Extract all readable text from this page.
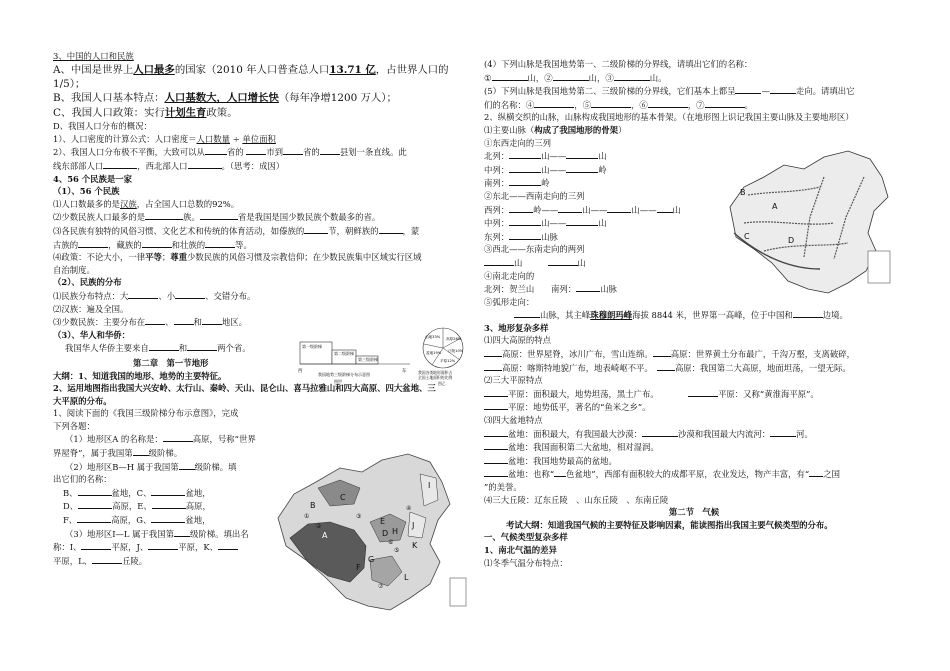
3、中国的人口和民族
A、中国是世界上人口最多的国家（2010 年人口普查总人口13.71 亿，占世界人口的
1/5）；
B、我国人口基本特点：人口基数大，人口增长快（每年净增1200 万人）；
C、我国人口政策：实行计划生育政策。
D、我国人口分布的概况：
1）、人口密度的计算公式：人口密度＝人口数量 ÷ 单位面积
2）、我国人口分布极不平衡，大致可以从	省的	市到 省的 县划一条直线。此
线东部部人口	，西北部人口	。（思考：成因）
4、56 个民族是一家
（1）、56 个民族
⑴人口数最多的是汉族，占全国人口总数的92%。
⑵少数民族人口最多的是	族。	省是我国是国少数民族个数最多的省。
⑶各民族有独特的风俗习惯、文化艺术和传统的体育活动，如傣族的	节，朝鲜族的	，蒙
古族的	，藏族的	和壮族的	等。
⑷政策：不论大小，一律平等；尊重少数民族的风俗习惯及宗教信仰；在少数民族集中区域实行区域
自治制度。
（2）、民族的分布
⑴民族分布特点：大	、小	、交错分布。
⑵汉族：遍及全国。
⑶少数民族：主要分布在 、 和 地区。
（3）、华人和华侨：
我国华人华侨主要来自	和	两个省。
第二章　第一节地形
大纲：1、知道我国的地形、地势的主要特征。
2、运用地图指出我国大兴安岭、太行山、秦岭、天山、昆仑山、喜马拉雅山和四大高原、四大盆地、三
大平原的分布。
1、阅读下面的《我国三级阶梯分布示意图》，完成
下列各题：
（1）地形区A 的名称是：	高原，号称“世界
界屋脊”，属于我国第 级阶梯。
（2）地形区B—H 属于我国第 级阶梯。填
出它们的名称：
B、	盆地，C、	盆地，
D、	高原，E、	高原，
F、	高原，G、	盆地，
（3）地形区I—L 属于我国第 级阶梯。填出名
称：I、	平原，J、	平原，K、
平原，L、	丘陵。
第一级阶梯
第二级阶梯
第三级阶梯
西	东
我国地势三级阶梯分布示意图
图甲
山地33% 高原26%
丘陵10%
平原12%
盆地19%
我国各类地形面积占
全国土地面积的比例
图乙
A
B
C
D
E
F
G
H
I
J
K
L
①
②
③
④
⑤
⑥
⑦
(4）下列山脉是我国地势第一、二级阶梯的分界线，请填出它们的名称：
①	山，②	山，③	山。
(5）下列山脉是我国地势第二、三级阶梯的分界线，它们基本上都呈	—	走向。请填出它
们的名称：④	，⑤	，⑥	，⑦	。
2、纵横交织的山脉，山脉构成我国地形的基本骨架。（在地形图上识记我国主要山脉及主要地形区）
⑴主要山脉（构成了我国地形的骨架）
①东西走向的三列
北列：	山——	山
中列：	山——	岭
南列：	岭
②东北——西南走向的三列
西列：	岭——	山——	山—— 山
中列：	山——	山
东列：	山脉
③西北——东南走向的两列
山　　　	山
④南北走向的
北列：贺兰山　　南列：	山脉
⑤弧形走向：
山脉，其主峰珠穆朗玛峰海拔 8844 米，世界第一高峰，位于中国和	边境。
3、地形复杂多样
⑴四大高原的特点
高原：世界屋脊，冰川广布，雪山连绵。 高原：世界黄土分布最广，千沟万壑，支离破碎，
高原：喀斯特地貌广布，地表崎岖不平。　	高原：我国第二大高原，地面坦荡，一望无际。
⑵三大平原特点
平原：面积最大，地势坦荡，黑土广布。　　　　	平原：又称“黄淮海平原”。
平原：地势低平，著名的“鱼米之乡”。
⑶四大盆地特点
盆地：面积最大，有我国最大沙漠：	沙漠和我国最大内流河：	河。
盆地：我国面积第二大盆地，相对湿润。
盆地：我国地势最高的盆地。
盆地：也称“ 色盆地”，西部有面积较大的成都平原，农业发达，物产丰富，有“ 之国
”的美誉。
⑷三大丘陵：辽东丘陵　、山东丘陵　、东南丘陵
第二节　气候
考试大纲：知道我国气候的主要特征及影响因素，能读图指出我国主要气候类型的分布。
一、气候类型复杂多样
1、南北气温的差异
⑴冬季气温分布特点：
A
B
C	D
